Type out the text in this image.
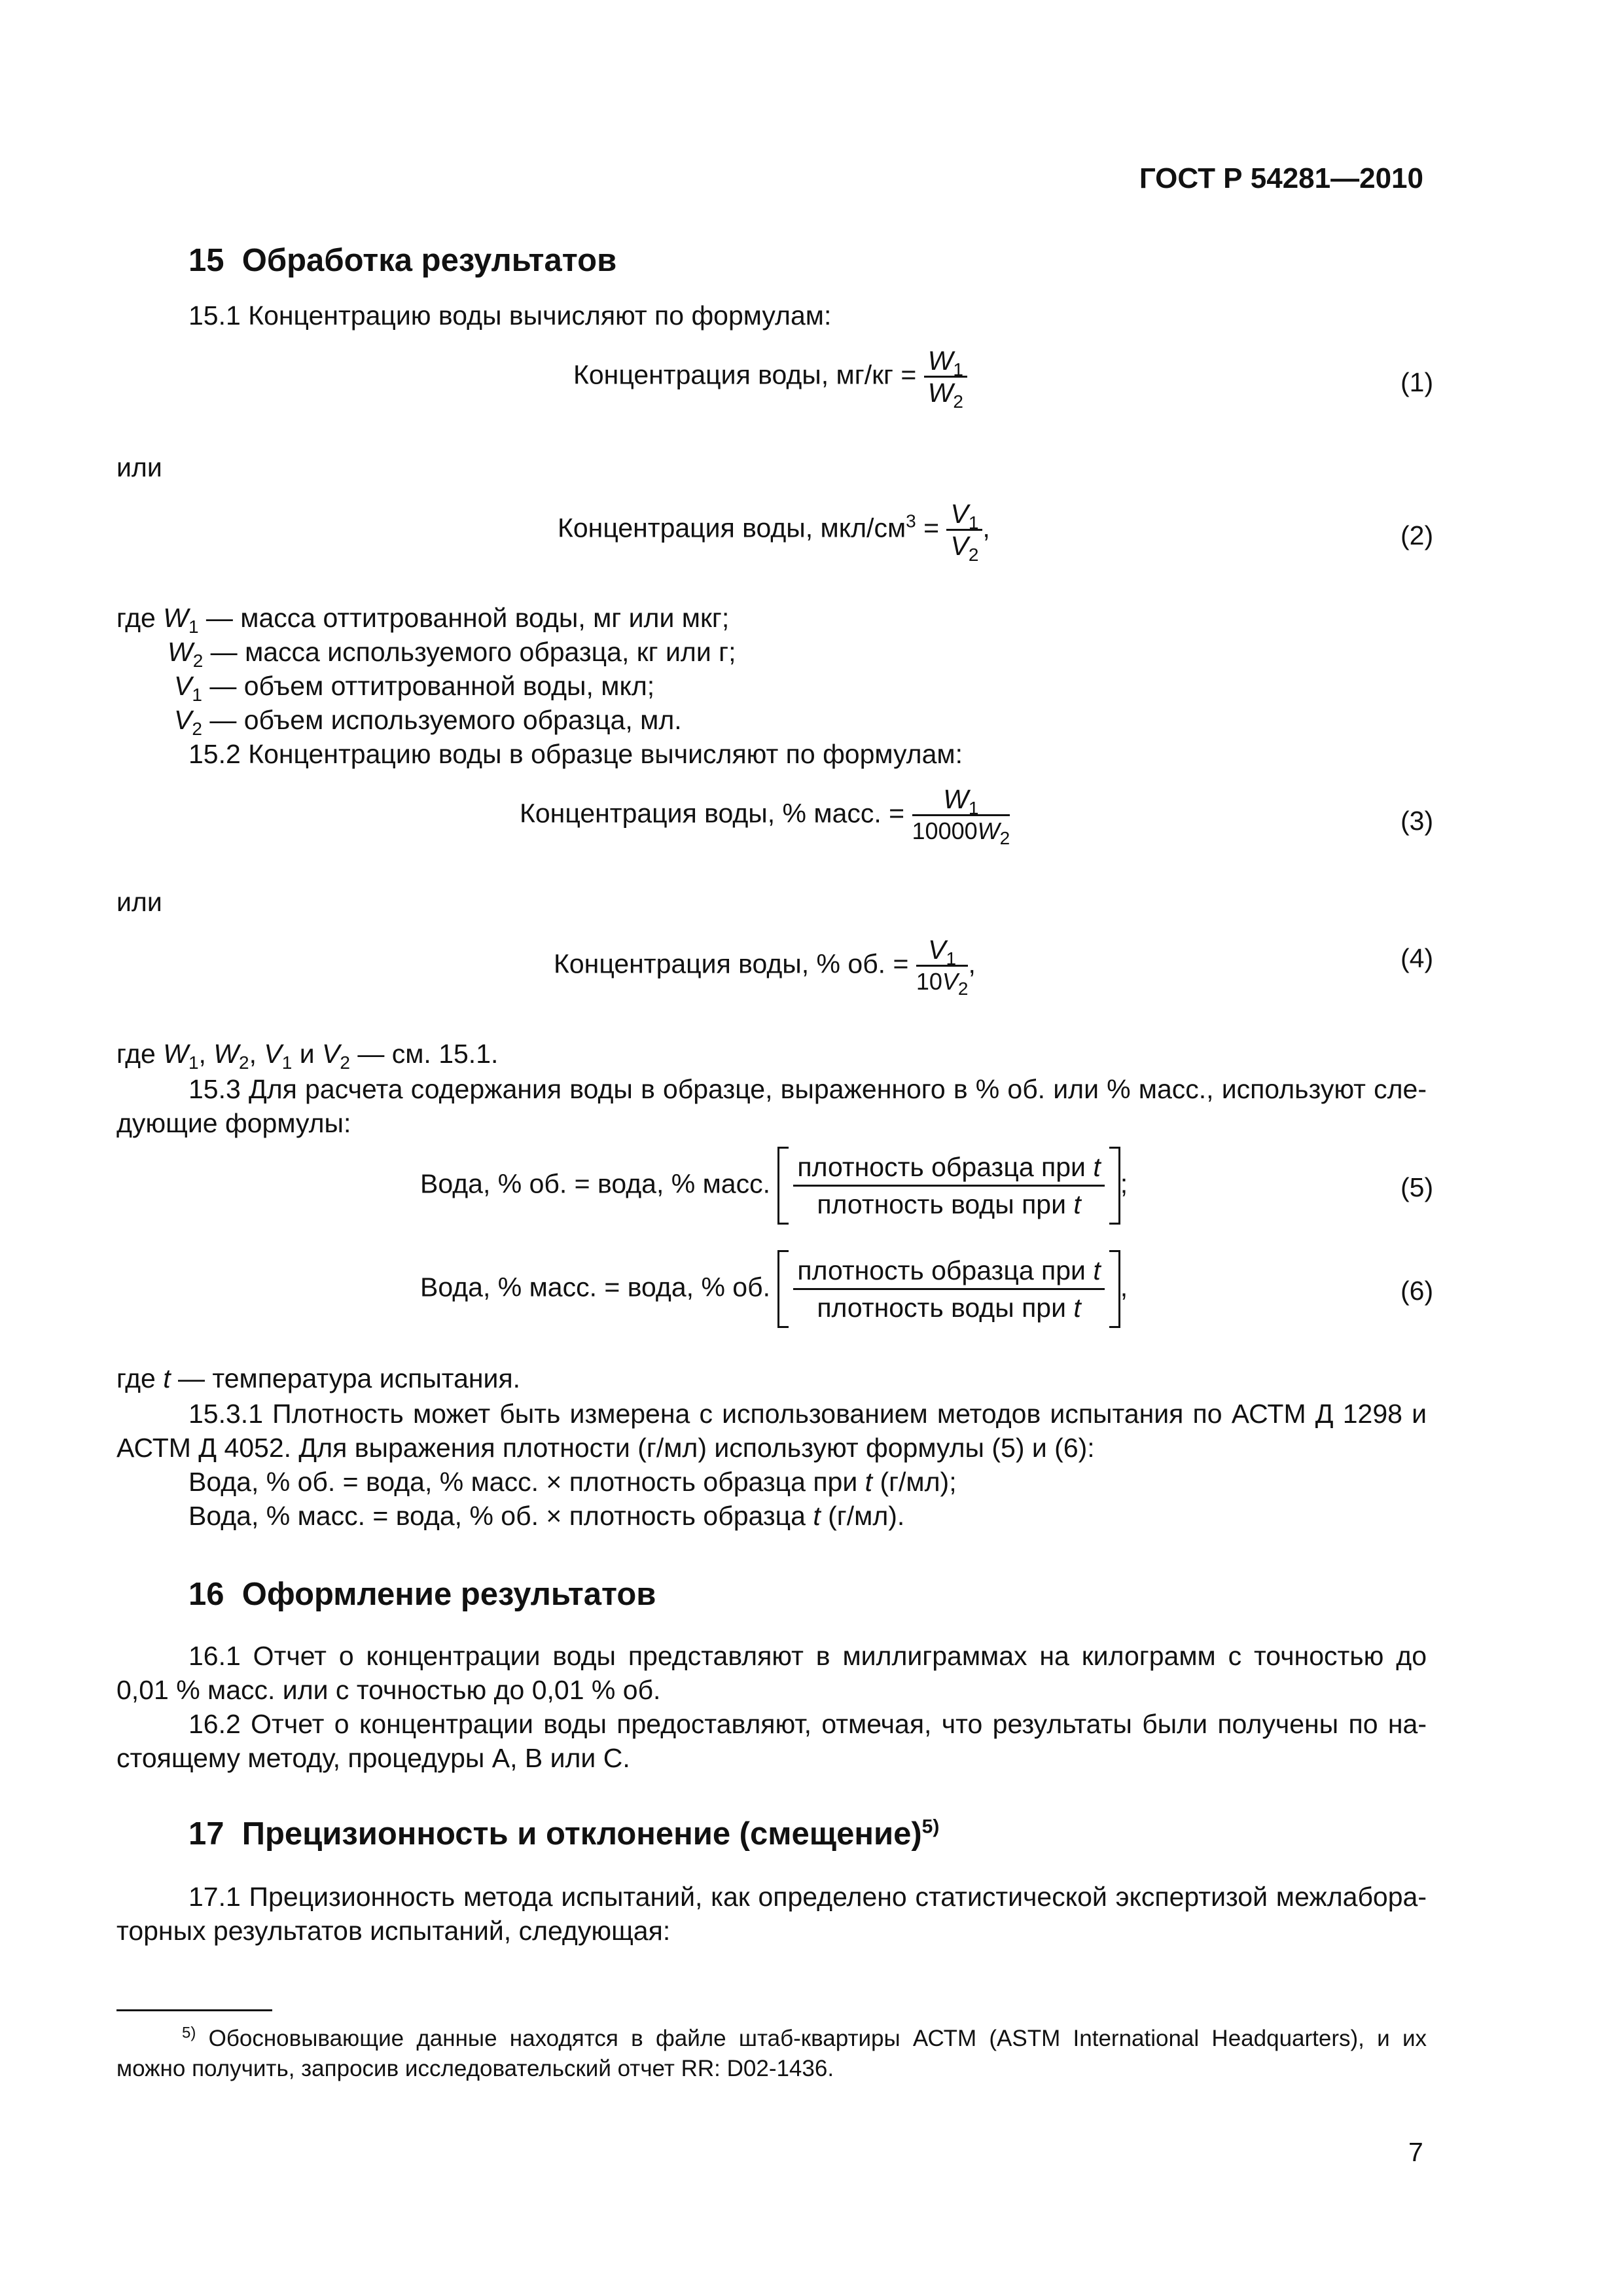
ГОСТ Р 54281—2010
15 Обработка результатов
15.1 Концентрацию воды вычисляют по формулам:
Концентрация воды, $мг/кг = \frac{W_1}{W_2}$	(1)
или
Концентрация воды, мкл/$см^3 = \frac{V_1}{V_2}$ ,	(2)
где $W_1$ — масса оттитрованной воды, мг или мкг;
$W_2$ — масса используемого образца, кг или г;
$V_1$ — объем оттитрованной воды, мкл;
$V_2$ — объем используемого образца, мл.
15.2 Концентрацию воды в образце вычисляют по формулам:
Концентрация воды, % масс. = $\frac{W_1}{10000W_2}$	(3)
или
Концентрация воды, % об. = $\frac{V_1}{10V_2}$ ,	(4)
где $W_1$, $W_2$, $V_1$ и $V_2$ — см. 15.1.
15.3 Для расчета содержания воды в образце, выраженного в % об. или % масс., используют сле-
дующие формулы:
Вода, % об. = вода, % масс. $\frac{\text{плотность образца при t}}{\text{плотность воды при t}}$ ;	(5)
Вода, % масс. = вода, % об. $\frac{\text{плотность образца при t}}{\text{плотность воды при t}}$ ,	(6)
где t — температура испытания.
15.3.1 Плотность может быть измерена с использованием методов испытания по АСТМ Д 1298 и
АСТМ Д 4052. Для выражения плотности (г/мл) используют формулы (5) и (6):
Вода, % об. = вода, % масс. × плотность образца при t (г/мл);
Вода, % масс. = вода, % об. × плотность образца t (г/мл).
16 Оформление результатов
16.1 Отчет о концентрации воды представляют в миллиграммах на килограмм с точностью до
0,01 % масс. или с точностью до 0,01 % об.
16.2 Отчет о концентрации воды предоставляют, отмечая, что результаты были получены по на-
стоящему методу, процедуры А, В или С.
17 Прецизионность и отклонение (смещение)$^{5)}$
17.1 Прецизионность метода испытаний, как определено статистической экспертизой межлабора-
торных результатов испытаний, следующая:
$^{5)}$ Обосновывающие данные находятся в файле штаб-квартиры АСТМ (ASTM International Headquarters), и их
можно получить, запросив исследовательский отчет RR: D02-1436.
7
